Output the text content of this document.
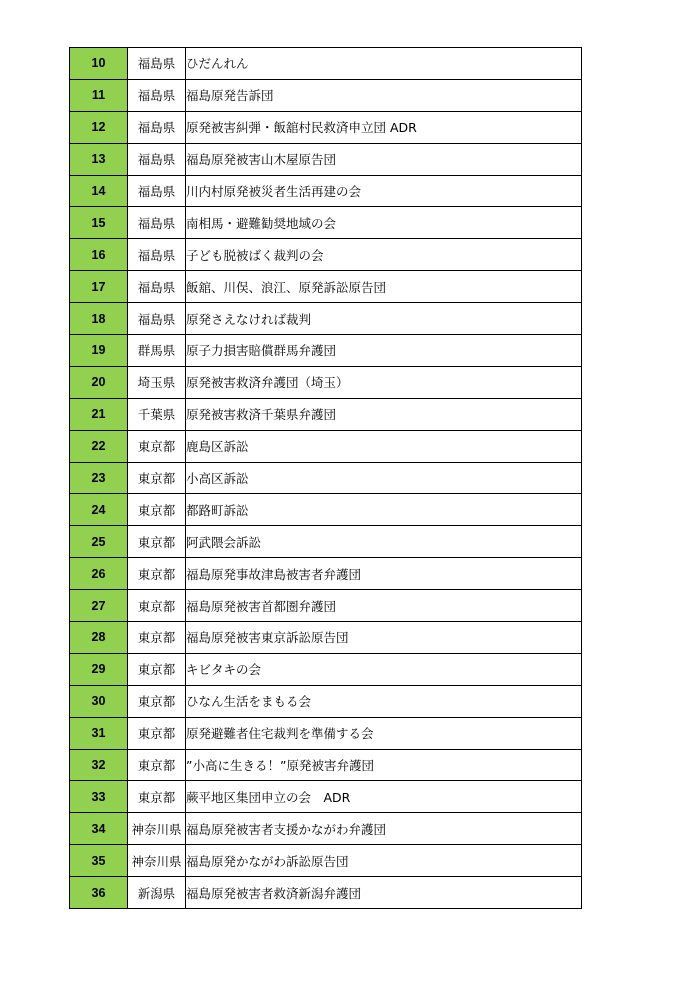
10	福島県	ひだんれん
11	福島県	福島原発告訴団
12	福島県	原発被害糾弾・飯舘村民救済申立団 ADR
13	福島県	福島原発被害山木屋原告団
14	福島県	川内村原発被災者生活再建の会
15	福島県	南相馬・避難勧奨地域の会
16	福島県	子ども脱被ばく裁判の会
17	福島県	飯舘、川俣、浪江、原発訴訟原告団
18	福島県	原発さえなければ裁判
19	群馬県	原子力損害賠償群馬弁護団
20	埼玉県	原発被害救済弁護団（埼玉）
21	千葉県	原発被害救済千葉県弁護団
22	東京都	鹿島区訴訟
23	東京都	小高区訴訟
24	東京都	都路町訴訟
25	東京都	阿武隈会訴訟
26	東京都	福島原発事故津島被害者弁護団
27	東京都	福島原発被害首都圏弁護団
28	東京都	福島原発被害東京訴訟原告団
29	東京都	キビタキの会
30	東京都	ひなん生活をまもる会
31	東京都	原発避難者住宅裁判を準備する会
32	東京都	”小高に生きる！”原発被害弁護団
33	東京都	蕨平地区集団申立の会　ADR
34	神奈川県	福島原発被害者支援かながわ弁護団
35	神奈川県	福島原発かながわ訴訟原告団
36	新潟県	福島原発被害者救済新潟弁護団
